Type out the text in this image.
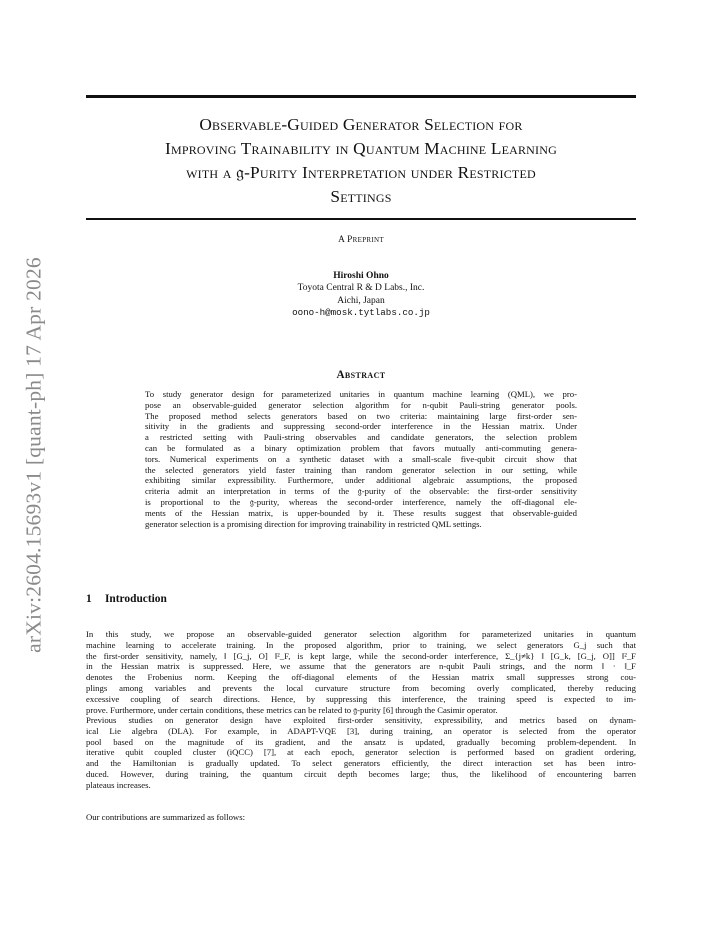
arXiv:2604.15693v1 [quant-ph] 17 Apr 2026
Observable-Guided Generator Selection for
Improving Trainability in Quantum Machine Learning
with a 𝔤-Purity Interpretation under Restricted
Settings
A Preprint
Hiroshi Ohno
Toyota Central R & D Labs., Inc.
Aichi, Japan
oono-h@mosk.tytlabs.co.jp
Abstract
To study generator design for parameterized unitaries in quantum machine learning (QML), we pro-
pose an observable-guided generator selection algorithm for n-qubit Pauli-string generator pools.
The proposed method selects generators based on two criteria: maintaining large first-order sen-
sitivity in the gradients and suppressing second-order interference in the Hessian matrix. Under
a restricted setting with Pauli-string observables and candidate generators, the selection problem
can be formulated as a binary optimization problem that favors mutually anti-commuting genera-
tors. Numerical experiments on a synthetic dataset with a small-scale five-qubit circuit show that
the selected generators yield faster training than random generator selection in our setting, while
exhibiting similar expressibility. Furthermore, under additional algebraic assumptions, the proposed
criteria admit an interpretation in terms of the 𝔤-purity of the observable: the first-order sensitivity
is proportional to the 𝔤-purity, whereas the second-order interference, namely the off-diagonal ele-
ments of the Hessian matrix, is upper-bounded by it. These results suggest that observable-guided
generator selection is a promising direction for improving trainability in restricted QML settings.
1 Introduction
In this study, we propose an observable-guided generator selection algorithm for parameterized unitaries in quantum
machine learning to accelerate training. In the proposed algorithm, prior to training, we select generators G_j such that
the first-order sensitivity, namely, ‖ [G_j, O] ‖²_F, is kept large, while the second-order interference, Σ_{j≠k} ‖ [G_k, [G_j, O]] ‖²_F
in the Hessian matrix is suppressed. Here, we assume that the generators are n-qubit Pauli strings, and the norm ‖ · ‖_F
denotes the Frobenius norm. Keeping the off-diagonal elements of the Hessian matrix small suppresses strong cou-
plings among variables and prevents the local curvature structure from becoming overly complicated, thereby reducing
excessive coupling of search directions. Hence, by suppressing this interference, the training speed is expected to im-
prove. Furthermore, under certain conditions, these metrics can be related to 𝔤-purity [6] through the Casimir operator.
Previous studies on generator design have exploited first-order sensitivity, expressibility, and metrics based on dynam-
ical Lie algebra (DLA). For example, in ADAPT-VQE [3], during training, an operator is selected from the operator
pool based on the magnitude of its gradient, and the ansatz is updated, gradually becoming problem-dependent. In
iterative qubit coupled cluster (iQCC) [7], at each epoch, generator selection is performed based on gradient ordering,
and the Hamiltonian is gradually updated. To select generators efficiently, the direct interaction set has been intro-
duced. However, during training, the quantum circuit depth becomes large; thus, the likelihood of encountering barren
plateaus increases.
Our contributions are summarized as follows:
